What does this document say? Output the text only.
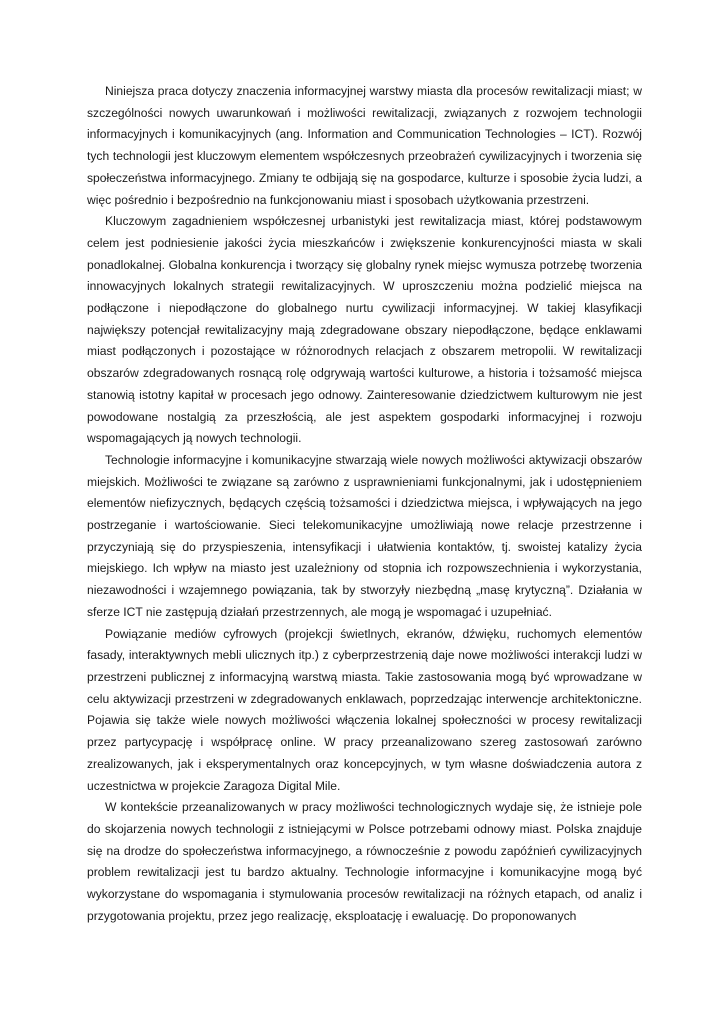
Niniejsza praca dotyczy znaczenia informacyjnej warstwy miasta dla procesów rewitalizacji miast; w szczególności nowych uwarunkowań i możliwości rewitalizacji, związanych z rozwojem technologii informacyjnych i komunikacyjnych (ang. Information and Communication Technologies – ICT). Rozwój tych technologii jest kluczowym elementem współczesnych przeobrażeń cywilizacyjnych i tworzenia się społeczeństwa informacyjnego. Zmiany te odbijają się na gospodarce, kulturze i sposobie życia ludzi, a więc pośrednio i bezpośrednio na funkcjonowaniu miast i sposobach użytkowania przestrzeni.

Kluczowym zagadnieniem współczesnej urbanistyki jest rewitalizacja miast, której podstawowym celem jest podniesienie jakości życia mieszkańców i zwiększenie konkurencyjności miasta w skali ponadlokalnej. Globalna konkurencja i tworzący się globalny rynek miejsc wymusza potrzebę tworzenia innowacyjnych lokalnych strategii rewitalizacyjnych. W uproszczeniu można podzielić miejsca na podłączone i niepodłączone do globalnego nurtu cywilizacji informacyjnej. W takiej klasyfikacji największy potencjał rewitalizacyjny mają zdegradowane obszary niepodłączone, będące enklawami miast podłączonych i pozostające w różnorodnych relacjach z obszarem metropolii. W rewitalizacji obszarów zdegradowanych rosnącą rolę odgrywają wartości kulturowe, a historia i tożsamość miejsca stanowią istotny kapitał w procesach jego odnowy. Zainteresowanie dziedzictwem kulturowym nie jest powodowane nostalgią za przeszłością, ale jest aspektem gospodarki informacyjnej i rozwoju wspomagających ją nowych technologii.

Technologie informacyjne i komunikacyjne stwarzają wiele nowych możliwości aktywizacji obszarów miejskich. Możliwości te związane są zarówno z usprawnieniami funkcjonalnymi, jak i udostępnieniem elementów niefizycznych, będących częścią tożsamości i dziedzictwa miejsca, i wpływających na jego postrzeganie i wartościowanie. Sieci telekomunikacyjne umożliwiają nowe relacje przestrzenne i przyczyniają się do przyspieszenia, intensyfikacji i ułatwienia kontaktów, tj. swoistej katalizy życia miejskiego. Ich wpływ na miasto jest uzależniony od stopnia ich rozpowszechnienia i wykorzystania, niezawodności i wzajemnego powiązania, tak by stworzyły niezbędną „masę krytyczną”. Działania w sferze ICT nie zastępują działań przestrzennych, ale mogą je wspomagać i uzupełniać.

Powiązanie mediów cyfrowych (projekcji świetlnych, ekranów, dźwięku, ruchomych elementów fasady, interaktywnych mebli ulicznych itp.) z cyberprzestrzenią daje nowe możliwości interakcji ludzi w przestrzeni publicznej z informacyjną warstwą miasta. Takie zastosowania mogą być wprowadzane w celu aktywizacji przestrzeni w zdegradowanych enklawach, poprzedzając interwencje architektoniczne. Pojawia się także wiele nowych możliwości włączenia lokalnej społeczności w procesy rewitalizacji przez partycypację i współpracę online. W pracy przeanalizowano szereg zastosowań zarówno zrealizowanych, jak i eksperymentalnych oraz koncepcyjnych, w tym własne doświadczenia autora z uczestnictwa w projekcie Zaragoza Digital Mile.

W kontekście przeanalizowanych w pracy możliwości technologicznych wydaje się, że istnieje pole do skojarzenia nowych technologii z istniejącymi w Polsce potrzebami odnowy miast. Polska znajduje się na drodze do społeczeństwa informacyjnego, a równocześnie z powodu zapóźnień cywilizacyjnych problem rewitalizacji jest tu bardzo aktualny. Technologie informacyjne i komunikacyjne mogą być wykorzystane do wspomagania i stymulowania procesów rewitalizacji na różnych etapach, od analiz i przygotowania projektu, przez jego realizację, eksploatację i ewaluację. Do proponowanych
